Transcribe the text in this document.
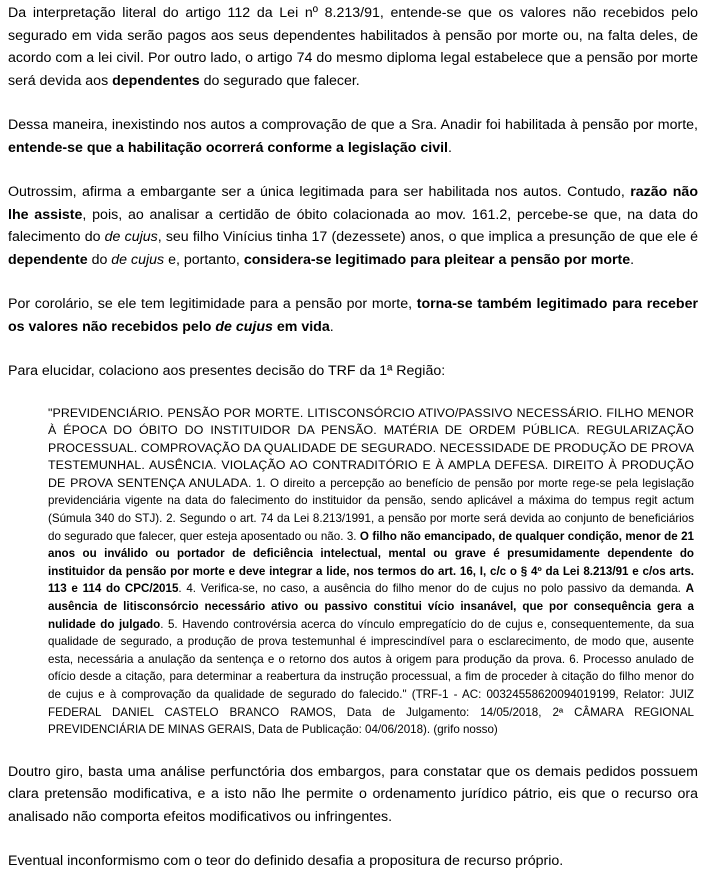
Da interpretação literal do artigo 112 da Lei nº 8.213/91, entende-se que os valores não recebidos pelo segurado em vida serão pagos aos seus dependentes habilitados à pensão por morte ou, na falta deles, de acordo com a lei civil. Por outro lado, o artigo 74 do mesmo diploma legal estabelece que a pensão por morte será devida aos dependentes do segurado que falecer.

Dessa maneira, inexistindo nos autos a comprovação de que a Sra. Anadir foi habilitada à pensão por morte, entende-se que a habilitação ocorrerá conforme a legislação civil.

Outrossim, afirma a embargante ser a única legitimada para ser habilitada nos autos. Contudo, razão não lhe assiste, pois, ao analisar a certidão de óbito colacionada ao mov. 161.2, percebe-se que, na data do falecimento do de cujus, seu filho Vinícius tinha 17 (dezessete) anos, o que implica a presunção de que ele é dependente do de cujus e, portanto, considera-se legitimado para pleitear a pensão por morte.

Por corolário, se ele tem legitimidade para a pensão por morte, torna-se também legitimado para receber os valores não recebidos pelo de cujus em vida.

Para elucidar, colaciono aos presentes decisão do TRF da 1ª Região:

"PREVIDENCIÁRIO. PENSÃO POR MORTE. LITISCONSÓRCIO ATIVO/PASSIVO NECESSÁRIO. FILHO MENOR À ÉPOCA DO ÓBITO DO INSTITUIDOR DA PENSÃO. MATÉRIA DE ORDEM PÚBLICA. REGULARIZAÇÃO PROCESSUAL. COMPROVAÇÃO DA QUALIDADE DE SEGURADO. NECESSIDADE DE PRODUÇÃO DE PROVA TESTEMUNHAL. AUSÊNCIA. VIOLAÇÃO AO CONTRADITÓRIO E À AMPLA DEFESA. DIREITO À PRODUÇÃO DE PROVA SENTENÇA ANULADA. 1. O direito a percepção ao benefício de pensão por morte rege-se pela legislação previdenciária vigente na data do falecimento do instituidor da pensão, sendo aplicável a máxima do tempus regit actum (Súmula 340 do STJ). 2. Segundo o art. 74 da Lei 8.213/1991, a pensão por morte será devida ao conjunto de beneficiários do segurado que falecer, quer esteja aposentado ou não. 3. O filho não emancipado, de qualquer condição, menor de 21 anos ou inválido ou portador de deficiência intelectual, mental ou grave é presumidamente dependente do instituidor da pensão por morte e deve integrar a lide, nos termos do art. 16, I, c/c o § 4º da Lei 8.213/91 e c/os arts. 113 e 114 do CPC/2015. 4. Verifica-se, no caso, a ausência do filho menor do de cujus no polo passivo da demanda. A ausência de litisconsórcio necessário ativo ou passivo constitui vício insanável, que por consequência gera a nulidade do julgado. 5. Havendo controvérsia acerca do vínculo empregatício do de cujus e, consequentemente, da sua qualidade de segurado, a produção de prova testemunhal é imprescindível para o esclarecimento, de modo que, ausente esta, necessária a anulação da sentença e o retorno dos autos à origem para produção da prova. 6. Processo anulado de ofício desde a citação, para determinar a reabertura da instrução processual, a fim de proceder à citação do filho menor do de cujus e à comprovação da qualidade de segurado do falecido." (TRF-1 - AC: 00324558620094019199, Relator: JUIZ FEDERAL DANIEL CASTELO BRANCO RAMOS, Data de Julgamento: 14/05/2018, 2ª CÂMARA REGIONAL PREVIDENCIÁRIA DE MINAS GERAIS, Data de Publicação: 04/06/2018). (grifo nosso)

Doutro giro, basta uma análise perfunctória dos embargos, para constatar que os demais pedidos possuem clara pretensão modificativa, e a isto não lhe permite o ordenamento jurídico pátrio, eis que o recurso ora analisado não comporta efeitos modificativos ou infringentes.

Eventual inconformismo com o teor do definido desafia a propositura de recurso próprio.
